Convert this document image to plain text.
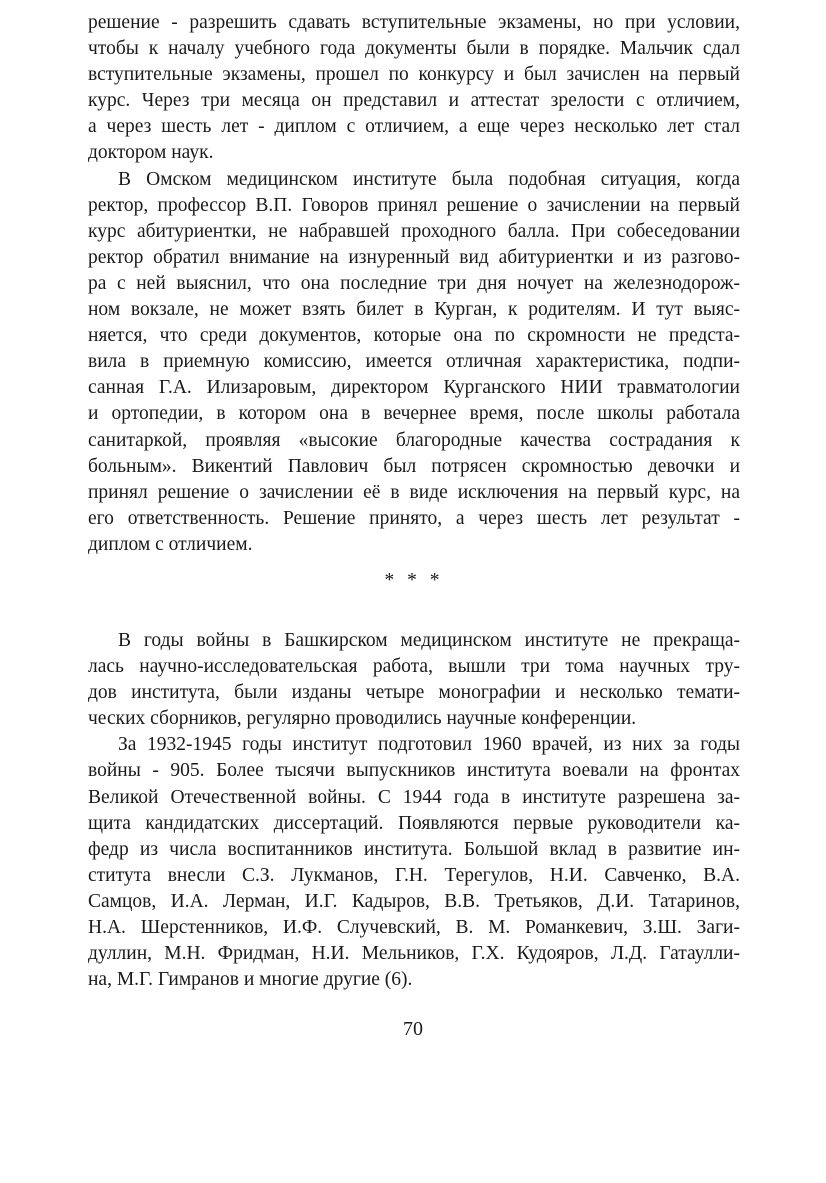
решение - разрешить сдавать вступительные экзамены, но при условии,
чтобы к началу учебного года документы были в порядке. Мальчик сдал
вступительные экзамены, прошел по конкурсу и был зачислен на первый
курс. Через три месяца он представил и аттестат зрелости с отличием,
а через шесть лет - диплом с отличием, а еще через несколько лет стал
доктором наук.
В Омском медицинском институте была подобная ситуация, когда
ректор, профессор В.П. Говоров принял решение о зачислении на первый
курс абитуриентки, не набравшей проходного балла. При собеседовании
ректор обратил внимание на изнуренный вид абитуриентки и из разгово-
ра с ней выяснил, что она последние три дня ночует на железнодорож-
ном вокзале, не может взять билет в Курган, к родителям. И тут выяс-
няется, что среди документов, которые она по скромности не предста-
вила в приемную комиссию, имеется отличная характеристика, подпи-
санная Г.А. Илизаровым, директором Курганского НИИ травматологии
и ортопедии, в котором она в вечернее время, после школы работала
санитаркой, проявляя «высокие благородные качества сострадания к
больным». Викентий Павлович был потрясен скромностью девочки и
принял решение о зачислении её в виде исключения на первый курс, на
его ответственность. Решение принято, а через шесть лет результат -
диплом с отличием.
* * *
В годы войны в Башкирском медицинском институте не прекраща-
лась научно-исследовательская работа, вышли три тома научных тру-
дов института, были изданы четыре монографии и несколько темати-
ческих сборников, регулярно проводились научные конференции.
За 1932-1945 годы институт подготовил 1960 врачей, из них за годы
войны - 905. Более тысячи выпускников института воевали на фронтах
Великой Отечественной войны. С 1944 года в институте разрешена за-
щита кандидатских диссертаций. Появляются первые руководители ка-
федр из числа воспитанников института. Большой вклад в развитие ин-
ститута внесли С.З. Лукманов, Г.Н. Терегулов, Н.И. Савченко, В.А.
Самцов, И.А. Лерман, И.Г. Кадыров, В.В. Третьяков, Д.И. Татаринов,
Н.А. Шерстенников, И.Ф. Случевский, В. М. Романкевич, З.Ш. Заги-
дуллин, М.Н. Фридман, Н.И. Мельников, Г.Х. Кудояров, Л.Д. Гатаулли-
на, М.Г. Гимранов и многие другие (6).
70
